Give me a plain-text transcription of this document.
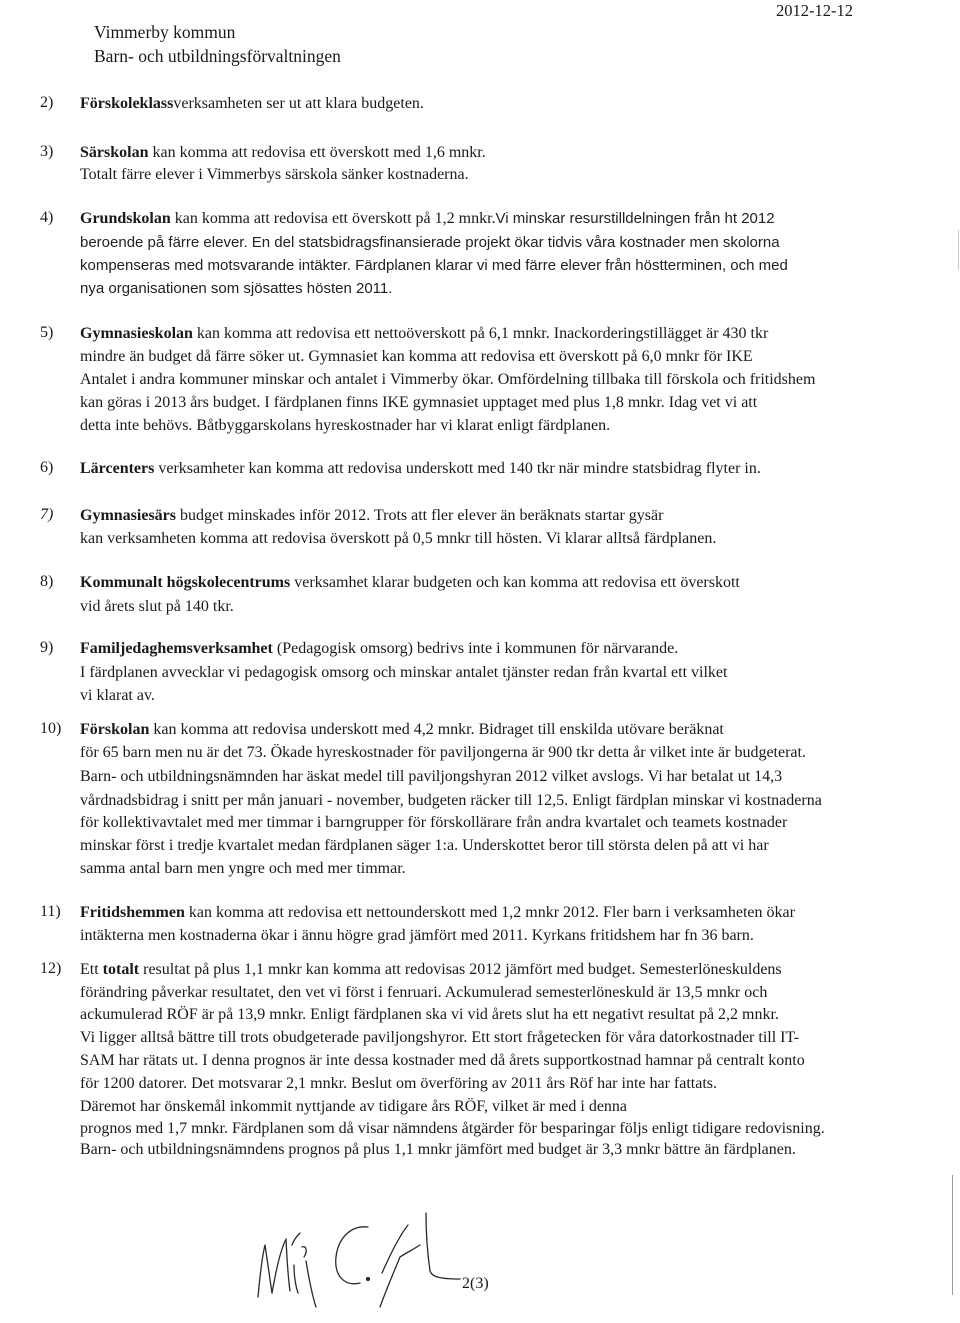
Vimmerby kommun
Barn- och utbildningsförvaltningen
2012-12-12
2) Förskoleklassverksamheten ser ut att klara budgeten.
3) Särskolan kan komma att redovisa ett överskott med 1,6 mnkr.
Totalt färre elever i Vimmerbys särskola sänker kostnaderna.
4) Grundskolan kan komma att redovisa ett överskott på 1,2 mnkr.Vi minskar resurstilldelningen från ht 2012
beroende på färre elever. En del statsbidragsfinansierade projekt ökar tidvis våra kostnader men skolorna
kompenseras med motsvarande intäkter. Färdplanen klarar vi med färre elever från höstterminen, och med
nya organisationen som sjösattes hösten 2011.
5) Gymnasieskolan kan komma att redovisa ett nettoöverskott på 6,1 mnkr. Inackorderingstillägget är 430 tkr
mindre än budget då färre söker ut. Gymnasiet kan komma att redovisa ett överskott på 6,0 mnkr för IKE
Antalet i andra kommuner minskar och antalet i Vimmerby ökar. Omfördelning tillbaka till förskola och fritidshem
kan göras i 2013 års budget. I färdplanen finns IKE gymnasiet upptaget med plus 1,8 mnkr. Idag vet vi att
detta inte behövs. Båtbyggarskolans hyreskostnader har vi klarat enligt färdplanen.
6) Lärcenters verksamheter kan komma att redovisa underskott med 140 tkr när mindre statsbidrag flyter in.
7) Gymnasiesärs budget minskades inför 2012. Trots att fler elever än beräknats startar gysär
kan verksamheten komma att redovisa överskott på 0,5 mnkr till hösten. Vi klarar alltså färdplanen.
8) Kommunalt högskolecentrums verksamhet klarar budgeten och kan komma att redovisa ett överskott
vid årets slut på 140 tkr.
9) Familjedaghemsverksamhet (Pedagogisk omsorg) bedrivs inte i kommunen för närvarande.
I färdplanen avvecklar vi pedagogisk omsorg och minskar antalet tjänster redan från kvartal ett vilket
vi klarat av.
10) Förskolan kan komma att redovisa underskott med 4,2 mnkr. Bidraget till enskilda utövare beräknat
för 65 barn men nu är det 73. Ökade hyreskostnader för paviljongerna är 900 tkr detta år vilket inte är budgeterat.
Barn- och utbildningsnämnden har äskat medel till paviljongshyran 2012 vilket avslogs. Vi har betalat ut 14,3
vårdnadsbidrag i snitt per mån januari - november, budgeten räcker till 12,5. Enligt färdplan minskar vi kostnaderna
för kollektivavtalet med mer timmar i barngrupper för förskollärare från andra kvartalet och teamets kostnader
minskar först i tredje kvartalet medan färdplanen säger 1:a. Underskottet beror till största delen på att vi har
samma antal barn men yngre och med mer timmar.
11) Fritidshemmen kan komma att redovisa ett nettounderskott med 1,2 mnkr 2012. Fler barn i verksamheten ökar
intäkterna men kostnaderna ökar i ännu högre grad jämfört med 2011. Kyrkans fritidshem har fn 36 barn.
12) Ett totalt resultat på plus 1,1 mnkr kan komma att redovisas 2012 jämfört med budget. Semesterlöneskuldens
förändring påverkar resultatet, den vet vi först i fenruari. Ackumulerad semesterlöneskuld är 13,5 mnkr och
ackumulerad RÖF är på 13,9 mnkr. Enligt färdplanen ska vi vid årets slut ha ett negativt resultat på 2,2 mnkr.
Vi ligger alltså bättre till trots obudgeterade paviljongshyror. Ett stort frågetecken för våra datorkostnader till IT-
SAM har rätats ut. I denna prognos är inte dessa kostnader med då årets supportkostnad hamnar på centralt konto
för 1200 datorer. Det motsvarar 2,1 mnkr. Beslut om överföring av 2011 års Röf har inte har fattats.
Däremot har önskemål inkommit nyttjande av tidigare års RÖF, vilket är med i denna
prognos med 1,7 mnkr. Färdplanen som då visar nämndens åtgärder för besparingar följs enligt tidigare redovisning.
Barn- och utbildningsnämndens prognos på plus 1,1 mnkr jämfört med budget är 3,3 mnkr bättre än färdplanen.
2(3)
